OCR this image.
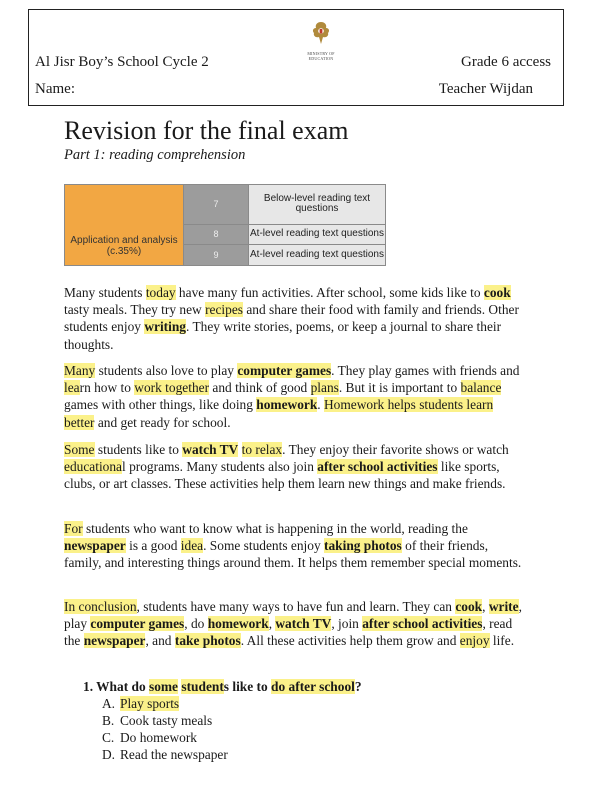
MINISTRY OF EDUCATION
Al Jisr Boy’s School Cycle 2	Grade 6 access
Name:	Teacher Wijdan
Revision for the final exam
Part 1: reading comprehension
Application and analysis (c.35%)	7	Below-level reading text questions
	8	At-level reading text questions
	9	At-level reading text questions

Many students today have many fun activities. After school, some kids like to cook tasty meals. They try new recipes and share their food with family and friends. Other students enjoy writing. They write stories, poems, or keep a journal to share their thoughts.

Many students also love to play computer games. They play games with friends and learn how to work together and think of good plans. But it is important to balance games with other things, like doing homework. Homework helps students learn better and get ready for school.

Some students like to watch TV to relax. They enjoy their favorite shows or watch educational programs. Many students also join after school activities like sports, clubs, or art classes. These activities help them learn new things and make friends.

For students who want to know what is happening in the world, reading the newspaper is a good idea. Some students enjoy taking photos of their friends, family, and interesting things around them. It helps them remember special moments.

In conclusion, students have many ways to have fun and learn. They can cook, write, play computer games, do homework, watch TV, join after school activities, read the newspaper, and take photos. All these activities help them grow and enjoy life.

1. What do some students like to do after school?
A. Play sports
B. Cook tasty meals
C. Do homework
D. Read the newspaper
